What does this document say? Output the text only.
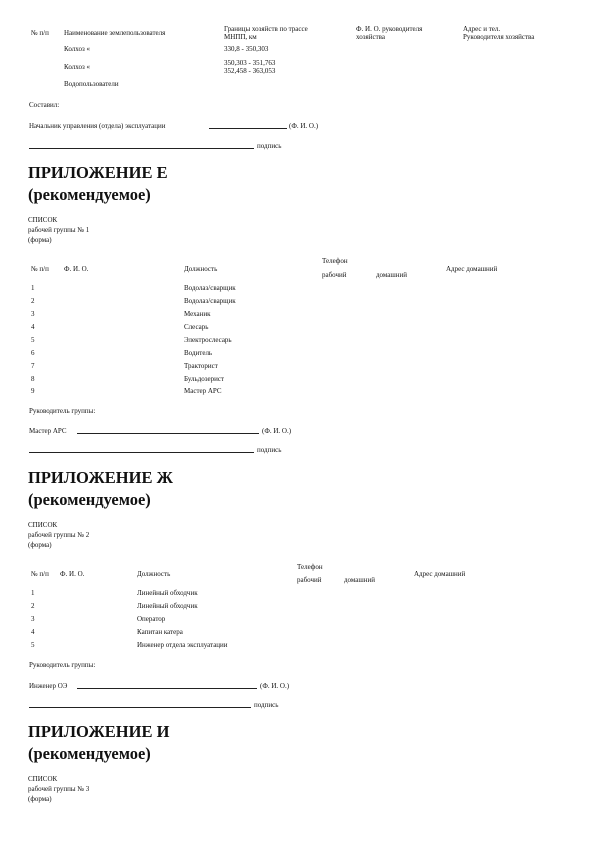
№ п/п Наименование землепользователя	Границы хозяйств по трассе
МНПП, км
Ф. И. О. руководителя
хозяйства
Адрес и тел.
Руководителя хозяйства
Колхоз «	330,8 - 350,303
Колхоз «	350,303 - 351,763
352,458 - 363,053
Водопользователи
Составил:
Начальник управления (отдела) эксплуатации	(Ф. И. О.)
подпись
ПРИЛОЖЕНИЕ Е
(рекомендуемое)
СПИСОК
рабочей группы № 1
(форма)
№ п/п Ф. И. О.	Должность
Телефон
рабочий	домашний
Адрес домашний
1	Водолаз/сварщик
2	Водолаз/сварщик
3	Механик
4	Слесарь
5	Электрослесарь
6	Водитель
7	Тракторист
8	Бульдозерист
9	Мастер АРС
Руководитель группы:
Мастер АРС	(Ф. И. О.)
подпись
ПРИЛОЖЕНИЕ Ж
(рекомендуемое)
СПИСОК
рабочей группы № 2
(форма)
№ п/п Ф. И. О.	Должность
Телефон
рабочий	домашний
Адрес домашний
1	Линейный обходчик
2	Линейный обходчик
3	Оператор
4	Капитан катера
5	Инженер отдела эксплуатации
Руководитель группы:
Инженер ОЭ	(Ф. И. О.)
подпись
ПРИЛОЖЕНИЕ И
(рекомендуемое)
СПИСОК
рабочей группы № 3
(форма)
